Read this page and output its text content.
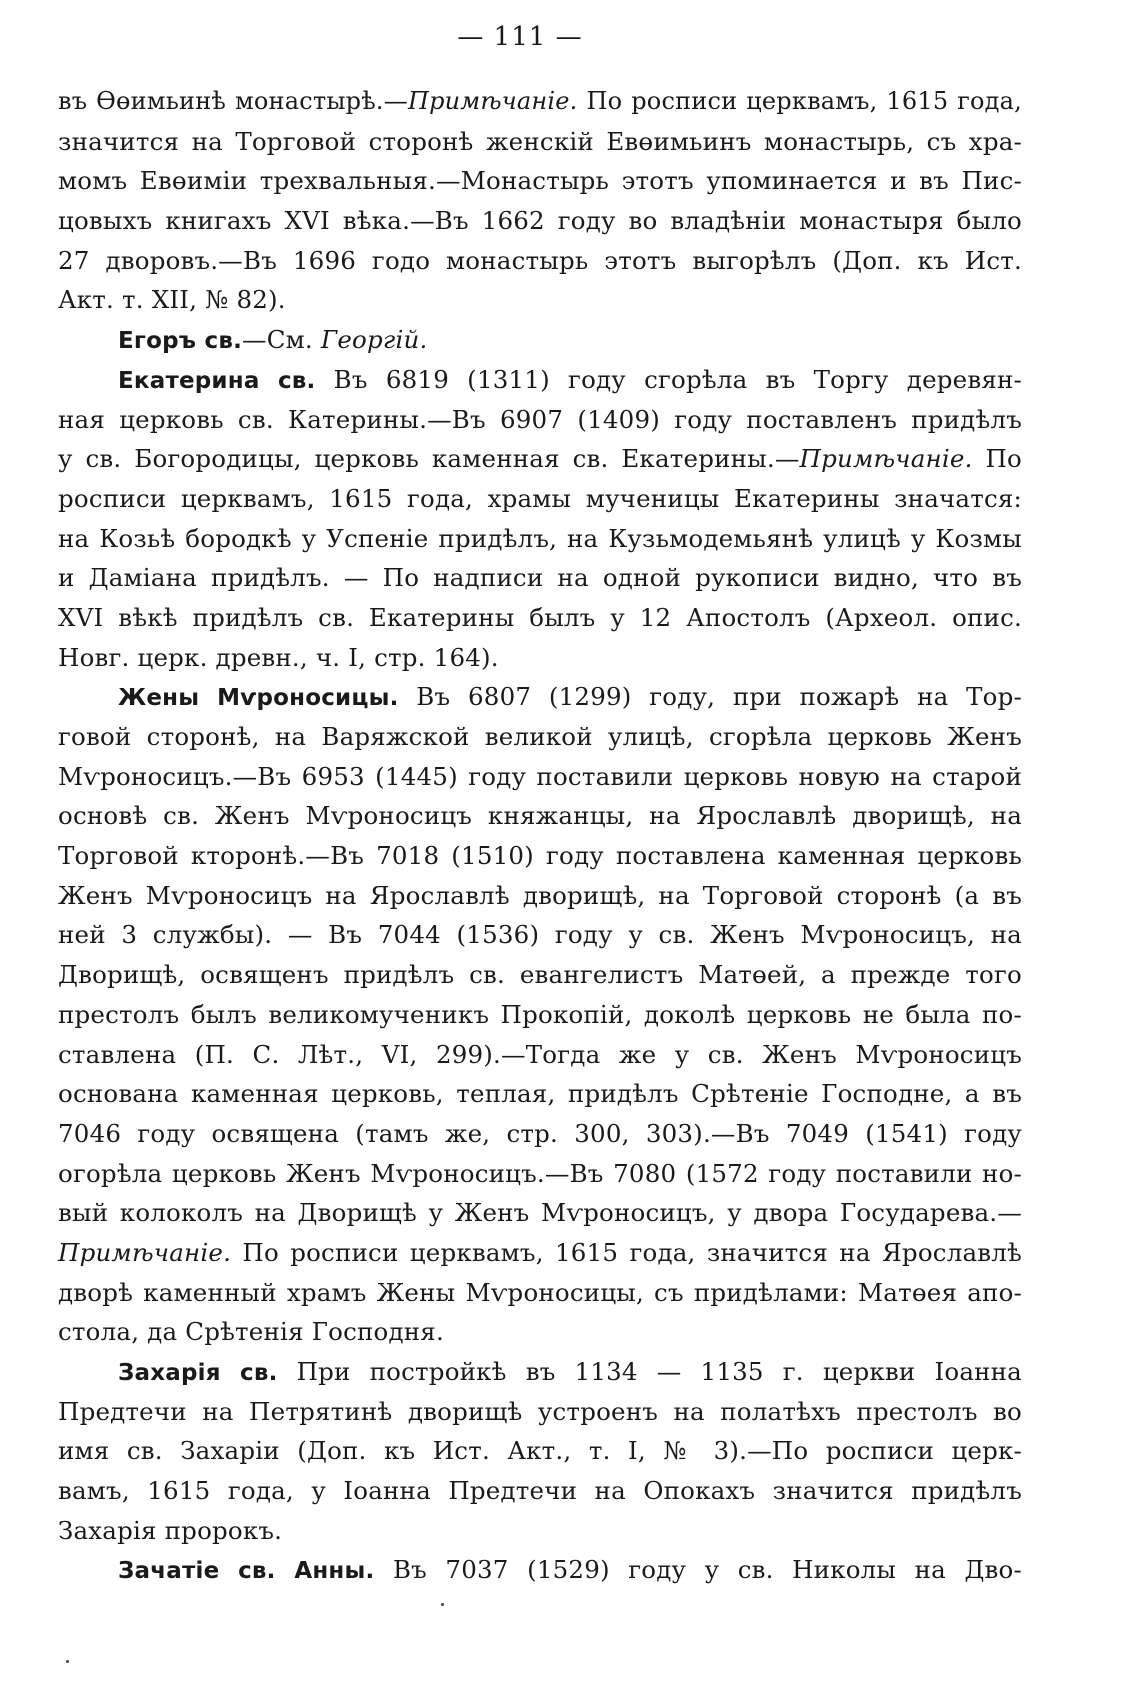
— 111 —
въ Өөимьинѣ монастырѣ.—Примѣчаніе. По росписи церквамъ, 1615 года,
значится на Торговой сторонѣ женскій Евөимьинъ монастырь, съ хра-
момъ Евөиміи трехвальныя.—Монастырь этотъ упоминается и въ Пис-
цовыхъ книгахъ XVI вѣка.—Въ 1662 году во владѣніи монастыря было
27 дворовъ.—Въ 1696 годо монастырь этотъ выгорѣлъ (Доп. къ Ист.
Акт. т. XII, № 82).
Егоръ св.—См. Георгій.
Екатерина св. Въ 6819 (1311) году сгорѣла въ Торгу деревян-
ная церковь св. Катерины.—Въ 6907 (1409) году поставленъ придѣлъ
у св. Богородицы, церковь каменная св. Екатерины.—Примѣчаніе. По
росписи церквамъ, 1615 года, храмы мученицы Екатерины значатся:
на Козьѣ бородкѣ у Успеніе придѣлъ, на Кузьмодемьянѣ улицѣ у Козмы
и Даміана придѣлъ. — По надписи на одной рукописи видно, что въ
XVI вѣкѣ придѣлъ св. Екатерины былъ у 12 Апостолъ (Археол. опис.
Новг. церк. древн., ч. I, стр. 164).
Жены Мѵроносицы. Въ 6807 (1299) году, при пожарѣ на Тор-
говой сторонѣ, на Варяжской великой улицѣ, сгорѣла церковь Женъ
Мѵроносицъ.—Въ 6953 (1445) году поставили церковь новую на старой
основѣ св. Женъ Мѵроносицъ княжанцы, на Ярославлѣ дворищѣ, на
Торговой кторонѣ.—Въ 7018 (1510) году поставлена каменная церковь
Женъ Мѵроносицъ на Ярославлѣ дворищѣ, на Торговой сторонѣ (а въ
ней 3 службы). — Въ 7044 (1536) году у св. Женъ Мѵроносицъ, на
Дворищѣ, освященъ придѣлъ св. евангелистъ Матөей, а прежде того
престолъ былъ великомученикъ Прокопій, доколѣ церковь не была по-
ставлена (П. С. Лѣт., VI, 299).—Тогда же у св. Женъ Мѵроносицъ
основана каменная церковь, теплая, придѣлъ Срѣтеніе Господне, а въ
7046 году освящена (тамъ же, стр. 300, 303).—Въ 7049 (1541) году
огорѣла церковь Женъ Мѵроносицъ.—Въ 7080 (1572 году поставили но-
вый колоколъ на Дворищѣ у Женъ Мѵроносицъ, у двора Государева.—
Примѣчаніе. По росписи церквамъ, 1615 года, значится на Ярославлѣ
дворѣ каменный храмъ Жены Мѵроносицы, съ придѣлами: Матөея апо-
стола, да Срѣтенія Господня.
Захарія св. При постройкѣ въ 1134 — 1135 г. церкви Іоанна
Предтечи на Петрятинѣ дворищѣ устроенъ на полатѣхъ престолъ во
имя св. Захаріи (Доп. къ Ист. Акт., т. I, № 3).—По росписи церк-
вамъ, 1615 года, у Іоанна Предтечи на Опокахъ значится придѣлъ
Захарія пророкъ.
Зачатіе св. Анны. Въ 7037 (1529) году у св. Николы на Дво-
